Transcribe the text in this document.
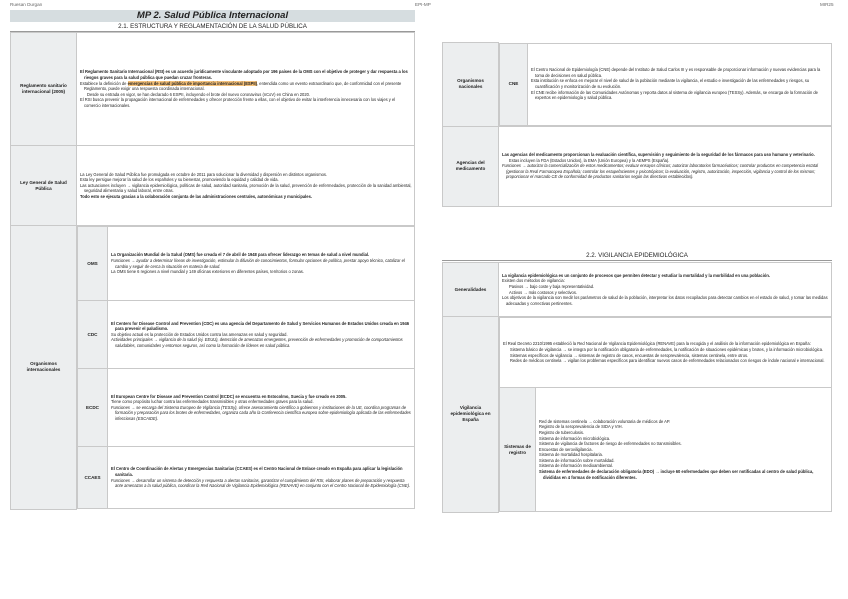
Ruesan Durgan	EPI-MP	MIR25
MP 2. Salud Pública Internacional
2.1. ESTRUCTURA Y REGLAMENTACIÓN DE LA SALUD PÚBLICA
Reglamento sanitario internacional (2005)	
El Reglamento Sanitario Internacional (RSI) es un acuerdo jurídicamente vinculante adoptado por 196 países de la OMS con el objetivo de proteger y dar respuesta a los riesgos graves para la salud pública que puedan cruzar fronteras.
Establece la definición de emergencias de salud pública de importancia internacional (ESPII), entendida como un evento extraordinario que, de conformidad con el presente Reglamento, puede exigir una respuesta coordinada internacional.
Desde su entrada en vigor, se han declarado 6 ESPII, incluyendo el brote del nuevo coronavirus (nCoV) en China en 2020.
El RSI busca prevenir la propagación internacional de enfermedades y ofrecer protección frente a ellas, con el objetivo de evitar la interferencia innecesaria con los viajes y el comercio internacionales.

Ley General de Salud Pública	
La Ley General de Salud Pública fue promulgada en octubre de 2011 para solucionar la diversidad y dispersión en distintos organismos.
Esta ley persigue mejorar la salud de los españoles y su bienestar, promoviendo la equidad y calidad de vida.
Las actuaciones incluyen → vigilancia epidemiológica, políticas de salud, autoridad sanitaria, promoción de la salud, prevención de enfermedades, protección de la sanidad ambiental, seguridad alimentaria y salud laboral, entre otras.
Todo esto se ejecuta gracias a la colaboración conjunta de las administraciones centrales, autonómicas y municipales.

Organismos internacionales	
OMS	
La Organización Mundial de la Salud (OMS) fue creada el 7 de abril de 1948 para ofrecer liderazgo en temas de salud a nivel mundial.
Funciones → ayudar a determinar líneas de investigación, estimular la difusión de conocimientos, formular opciones de política, prestar apoyo técnico, catalizar el cambio y seguir de cerca la situación en materia de salud.
La OMS tiene 6 regiones a nivel mundial y 149 oficinas exteriores en diferentes países, territorios o zonas.

CDC	
El Centers for Disease Control and Prevention (CDC) es una agencia del Departamento de Salud y Servicios Humanos de Estados Unidos creada en 1946 para prevenir el paludismo.
Su objetivo actual es la protección de Estados Unidos contra las amenazas en salud y seguridad.
Actividades principales → vigilancia de la salud (ej. EEUU), detección de amenazas emergentes, prevención de enfermedades y promoción de comportamientos saludables, comunidades y entornos seguros, así como la formación de líderes en salud pública.

ECDC	
El European Centre for Disease and Prevention Control (ECDC) se encuentra en Estocolmo, Suecia y fue creado en 2005.
Tiene como propósito luchar contra las enfermedades transmisibles y otras enfermedades graves para la salud.
Funciones → se encarga del Sistema Europeo de Vigilancia (TESSy), ofrece asesoramiento científico a gobiernos y instituciones de la UE, coordina programas de formación y preparación para los brotes de enfermedades, organiza cada año la Conferencia científica europea sobre epidemiología aplicada de las enfermedades infecciosas (ESCAIDE).

CCAES	
El Centro de Coordinación de Alertas y Emergencias Sanitarias (CCAES) es el Centro Nacional de Enlace creado en España para aplicar la legislación sanitaria.
Funciones → desarrollar un sistema de detección y respuesta a alertas sanitarias, garantizar el cumplimiento del RSI, elaborar planes de preparación y respuesta ante amenazas a la salud pública, coordinar la Red Nacional de Vigilancia Epidemiológica (RENAVE) en conjunto con el Centro Nacional de Epidemiología (CNE).
Organismos nacionales	
CNE	
El Centro Nacional de Epidemiología (CNE) depende del Instituto de Salud Carlos III y es responsable de proporcionar información y nuevas evidencias para la toma de decisiones en salud pública.
Esta institución se enfoca en mejorar el nivel de salud de la población mediante la vigilancia, el estudio e investigación de las enfermedades y riesgos, su cuantificación y monitorización de su evolución.
El CNE recibe información de las Comunidades Autónomas y reporta datos al sistema de vigilancia europeo (TESSy). Además, se encarga de la formación de expertos en epidemiología y salud pública.

Agencias del medicamento	
Las agencias del medicamento proporcionan la evaluación científica, supervisión y seguimiento de la seguridad de los fármacos para uso humano y veterinario.
Estas incluyen la FDA (Estados Unidos), la EMA (Unión Europea) y la AEMPS (España).
Funciones → autorizar la comercialización de estos medicamentos; evaluar ensayos clínicos; autorizar laboratorios farmacéuticos; controlar productos en competencia estatal (gestionar la Real Farmacopea Española; controlar los estupefacientes y psicotrópicos; la evaluación, registro, autorización, inspección, vigilancia y control de los mismos; proporcionar el marcado CE de conformidad de productos sanitarios según las directivas establecidas).
2.2. VIGILANCIA EPIDEMIOLÓGICA
Generalidades	
La vigilancia epidemiológica es un conjunto de procesos que permiten detectar y estudiar la mortalidad y la morbilidad en una población.
Existen dos métodos de vigilancia:
Pasivos → bajo coste y baja representatividad.
Activos → más costosos y selectivos.
Los objetivos de la vigilancia son medir los parámetros de salud de la población, interpretar los datos recopilados para detectar cambios en el estado de salud, y tomar las medidas adecuadas y correctivas pertinentes.

Vigilancia epidemiológica en España	
El Real Decreto 2210/1995 estableció la Red Nacional de Vigilancia Epidemiológica (RENAVE) para la recogida y el análisis de la información epidemiológica en España:
Sistema básico de vigilancia → se integra por la notificación obligatoria de enfermedades, la notificación de situaciones epidémicas y brotes, y la información microbiológica.
Sistemas específicos de vigilancia → sistemas de registro de casos, encuestas de seroprevalencia, sistemas centinela, entre otros.
Redes de médicos centinela → vigilan los problemas específicos para identificar nuevos casos de enfermedades relacionados con riesgos de índole nacional e internacional.

Sistemas de registro	
Red de sistemas centinela → colaboración voluntaria de médicos de AP.
Registro de la seroprevalencia de SIDA y VIH.
Registro de tuberculosis.
Sistema de información microbiológica.
Sistema de vigilancia de factores de riesgo de enfermedades no transmisibles.
Encuestas de seroviligilancia.
Sistema de mortalidad hospitalaria.
Sistema de información sobre mortalidad.
Sistema de información medioambiental.
Sistema de enfermedades de declaración obligatoria (EDO) → incluye 60 enfermedades que deben ser notificadas al centro de salud pública, divididas en 4 formas de notificación diferentes.
